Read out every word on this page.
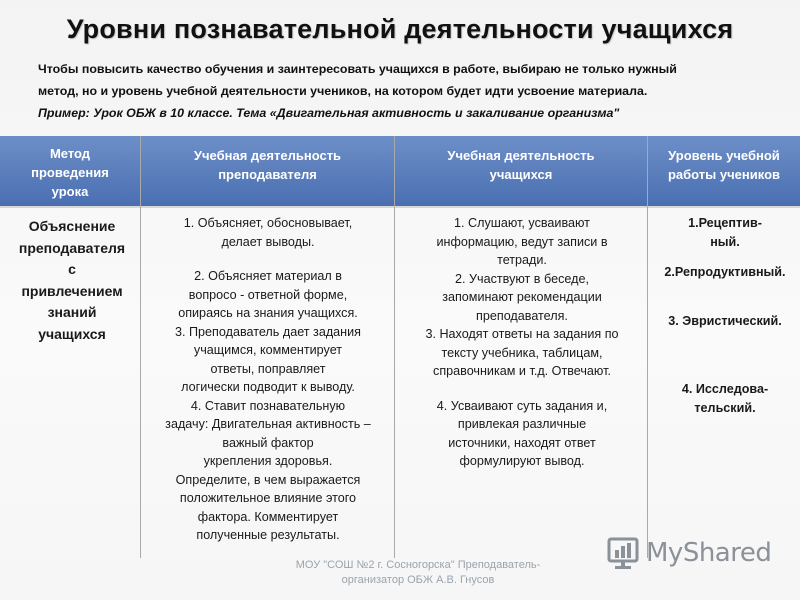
Уровни познавательной деятельности учащихся
Чтобы повысить качество обучения и заинтересовать учащихся в работе, выбираю не только нужный
метод, но и уровень учебной деятельности учеников, на котором будет идти усвоение материала.
Пример: Урок ОБЖ в 10 классе. Тема «Двигательная активность и закаливание организма"
Метод
проведения
урока
Учебная деятельность
преподавателя
Учебная деятельность
учащихся
Уровень учебной
работы учеников
Объяснение
преподавателя
с
привлечением
знаний
учащихся

1. Объясняет, обосновывает,

делает выводы.

2. Объясняет материал в

вопросо - ответной форме,

опираясь на знания учащихся.

3. Преподаватель дает задания

учащимся, комментирует

ответы, поправляет

логически подводит к выводу.

4. Ставит познавательную

задачу: Двигательная активность –

важный фактор

укрепления здоровья.

Определите, в чем выражается

положительное влияние этого

фактора. Комментирует

полученные результаты.

1. Слушают, усваивают

информацию, ведут записи в

тетради.

2. Участвуют в беседе,

запоминают рекомендации

преподавателя.

3. Находят ответы на задания по

тексту учебника, таблицам,

справочникам и т.д. Отвечают.

4. Усваивают суть задания и,

привлекая различные

источники, находят ответ

формулируют вывод.

1.Рецептив-

ный.

2.Репродуктивный.

3. Эвристический.

4. Исследова-

тельский.

МОУ "СОШ №2 г. Сосногорска" Преподаватель-
организатор ОБЖ А.В. Гнусов
MyShared
